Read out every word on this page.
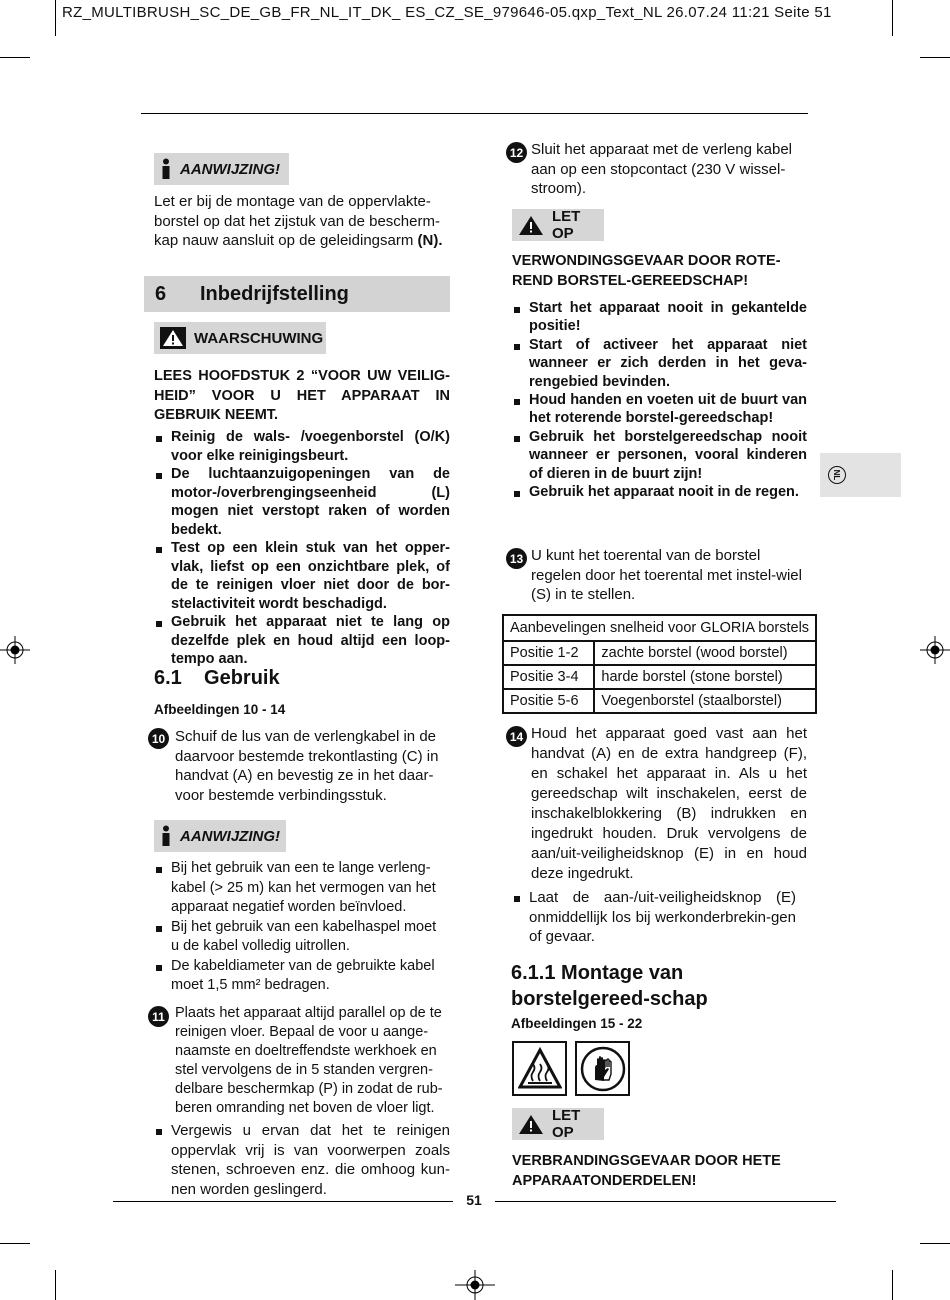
RZ_MULTIBRUSH_SC_DE_GB_FR_NL_IT_DK_ ES_CZ_SE_979646-05.qxp_Text_NL 26.07.24 11:21 Seite 51
AANWIJZING!
Let er bij de montage van de oppervlakte-borstel op dat het zijstuk van de bescherm-kap nauw aansluit op de geleidingsarm (N).
6	Inbedrijfstelling
WAARSCHUWING
LEES HOOFDSTUK 2 “VOOR UW VEILIG-HEID” VOOR U HET APPARAAT IN GEBRUIK NEEMT.
Reinig de wals- /voegenborstel (O/K) voor elke reinigingsbeurt.
De luchtaanzuigopeningen van de motor-/overbrengingseenheid (L) mogen niet verstopt raken of worden bedekt.
Test op een klein stuk van het opper-vlak, liefst op een onzichtbare plek, of de te reinigen vloer niet door de bor-stelactiviteit wordt beschadigd.
Gebruik het apparaat niet te lang op dezelfde plek en houd altijd een loop-tempo aan.
6.1    Gebruik
Afbeeldingen 10 - 14
10 Schuif de lus van de verlengkabel in de daarvoor bestemde trekontlasting (C) in handvat (A) en bevestig ze in het daar-voor bestemde verbindingsstuk.
AANWIJZING!
Bij het gebruik van een te lange verleng-kabel (> 25 m) kan het vermogen van het apparaat negatief worden beïnvloed.
Bij het gebruik van een kabelhaspel moet u de kabel volledig uitrollen.
De kabeldiameter van de gebruikte kabel moet 1,5 mm² bedragen.
11 Plaats het apparaat altijd parallel op de te reinigen vloer. Bepaal de voor u aange-naamste en doeltreffendste werkhoek en stel vervolgens de in 5 standen vergren-delbare beschermkap (P) in zodat de rub-beren omranding net boven de vloer ligt.
Vergewis u ervan dat het te reinigen oppervlak vrij is van voorwerpen zoals stenen, schroeven enz. die omhoog kun-nen worden geslingerd.
12 Sluit het apparaat met de verleng kabel aan op een stopcontact (230 V wissel-stroom).
LET OP
VERWONDINGSGEVAAR DOOR ROTE-REND BORSTEL-GEREEDSCHAP!
Start het apparaat nooit in gekantelde positie!
Start of activeer het apparaat niet wanneer er zich derden in het geva-rengebied bevinden.
Houd handen en voeten uit de buurt van het roterende borstel-gereedschap!
Gebruik het borstelgereedschap nooit wanneer er personen, vooral kinderen of dieren in de buurt zijn!
Gebruik het apparaat nooit in de regen.
13 U kunt het toerental van de borstel regelen door het toerental met instel-wiel (S) in te stellen.
Aanbevelingen snelheid voor GLORIA borstels	
Positie 1-2	zachte borstel (wood borstel)
Positie 3-4	harde borstel (stone borstel)
Positie 5-6	Voegenborstel (staalborstel)
14 Houd het apparaat goed vast aan het handvat (A) en de extra handgreep (F), en schakel het apparaat in. Als u het gereedschap wilt inschakelen, eerst de inschakelblokkering (B) indrukken en ingedrukt houden. Druk vervolgens de aan/uit-veiligheidsknop (E) in en houd deze ingedrukt.
Laat de aan-/uit-veiligheidsknop (E) onmiddellijk los bij werkonderbrekin-gen of gevaar.
6.1.1 Montage van borstelgereed-schap
Afbeeldingen 15 - 22
LET OP
VERBRANDINGSGEVAAR DOOR HETE APPARAATONDERDELEN!
NL
51
